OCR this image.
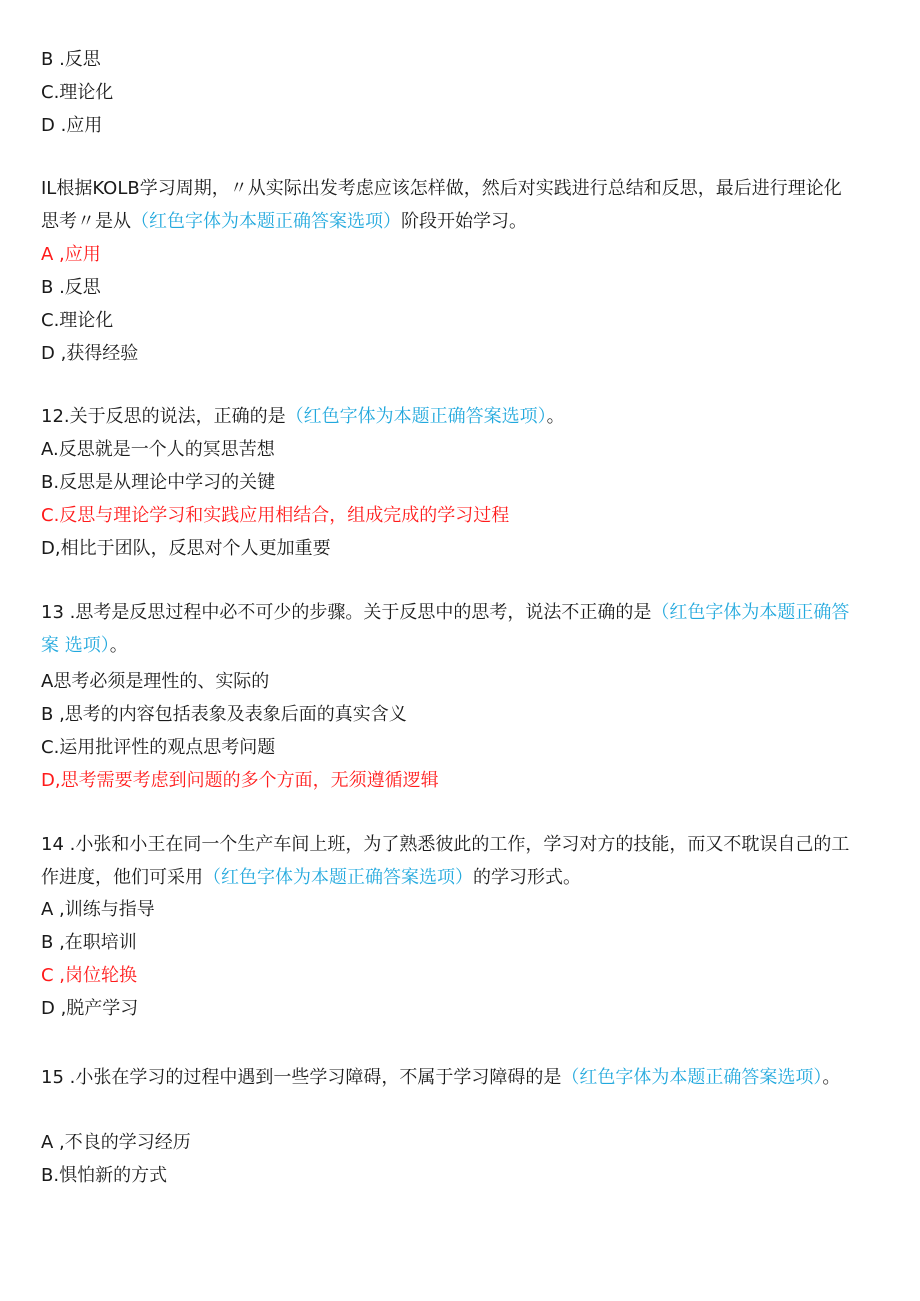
B .反思
C.理论化
D .应用
IL根据KOLB学习周期，〃从实际出发考虑应该怎样做，然后对实践进行总结和反思，最后进行理论化
思考〃是从（红色字体为本题正确答案选项）阶段开始学习。
A ,应用
B .反思
C.理论化
D ,获得经验
12.关于反思的说法，正确的是（红色字体为本题正确答案选项）。
A.反思就是一个人的冥思苦想
B.反思是从理论中学习的关键
C.反思与理论学习和实践应用相结合，组成完成的学习过程
D,相比于团队，反思对个人更加重要
13 .思考是反思过程中必不可少的步骤。关于反思中的思考，说法不正确的是（红色字体为本题正确答
案 选项）。
A思考必须是理性的、实际的
B ,思考的内容包括表象及表象后面的真实含义
C.运用批评性的观点思考问题
D,思考需要考虑到问题的多个方面，无须遵循逻辑
14 .小张和小王在同一个生产车间上班，为了熟悉彼此的工作，学习对方的技能，而又不耽误自己的工
作进度，他们可采用（红色字体为本题正确答案选项）的学习形式。
A ,训练与指导
B ,在职培训
C ,岗位轮换
D ,脱产学习
15 .小张在学习的过程中遇到一些学习障碍，不属于学习障碍的是（红色字体为本题正确答案选项）。
A ,不良的学习经历
B.惧怕新的方式
